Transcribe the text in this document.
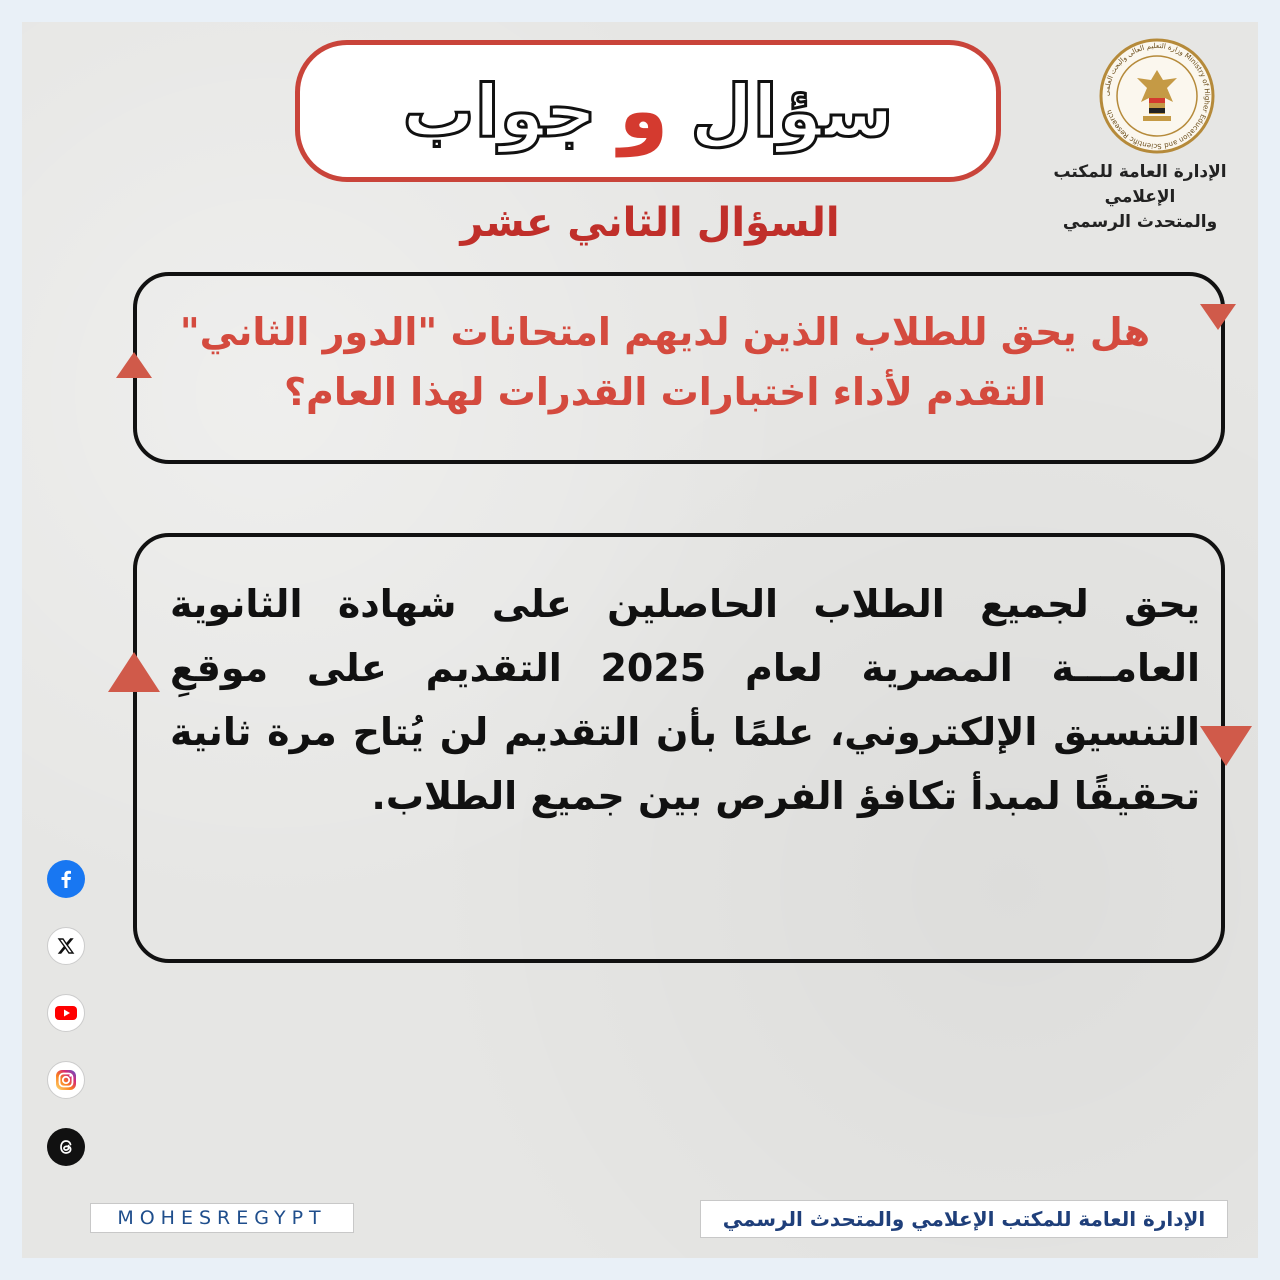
سؤال
و
جواب	وزارة التعليم العالى والبحث العلمى Ministry of Higher Education and Scientific Research
الإدارة العامة للمكتب الإعلامي
والمتحدث الرسمي
السؤال الثاني عشر
هل يحق للطلاب الذين لديهم امتحانات "الدور الثاني"
التقدم لأداء اختبارات القدرات لهذا العام؟
يحق لجميع الطلاب الحاصلين على شهادة الثانوية العامـــة المصرية لعام 2025 التقديم على موقعِ التنسيق الإلكتروني، علمًا بأن التقديم لن يُتاح مرة ثانية تحقيقًا لمبدأ تكافؤ الفرص بين جميع الطلاب.
MOHESREGYPT	الإدارة العامة للمكتب الإعلامي والمتحدث الرسمي
